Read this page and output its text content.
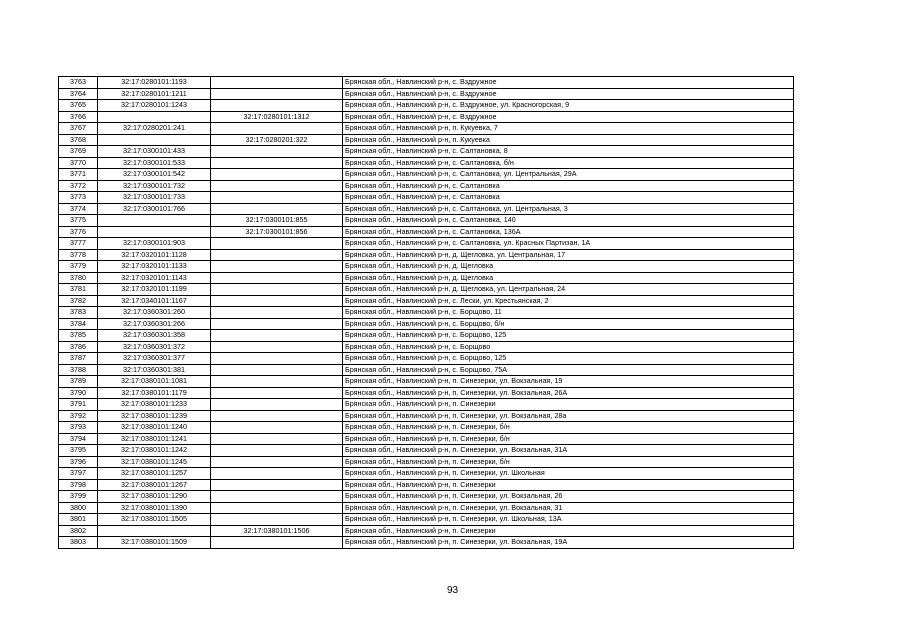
3763	32:17:0280101:1193		Брянская обл., Навлинский р-н, с. Вздружное
3764	32:17:0280101:1211		Брянская обл., Навлинский р-н, с. Вздружное
3765	32:17:0280101:1243		Брянская обл., Навлинский р-н, с. Вздружное, ул. Красногорская, 9
3766		32:17:0280101:1312	Брянская обл., Навлинский р-н, с. Вздружное
3767	32:17:0280201:241		Брянская обл., Навлинский р-н, п. Кукуевка, 7
3768		32:17:0280201:322	Брянская обл., Навлинский р-н, п. Кукуевка
3769	32:17:0300101:433		Брянская обл., Навлинский р-н, с. Салтановка, 8
3770	32:17:0300101:533		Брянская обл., Навлинский р-н, с. Салтановка, б/н
3771	32:17:0300101:542		Брянская обл., Навлинский р-н, с. Салтановка, ул. Центральная, 29А
3772	32:17:0300101:732		Брянская обл., Навлинский р-н, с. Салтановка
3773	32:17:0300101:733		Брянская обл., Навлинский р-н, с. Салтановка
3774	32:17:0300101:766		Брянская обл., Навлинский р-н, с. Салтановка, ул. Центральная, 3
3775		32:17:0300101:855	Брянская обл., Навлинский р-н, с. Салтановка, 140
3776		32:17:0300101:856	Брянская обл., Навлинский р-н, с. Салтановка, 136А
3777	32:17:0300101:903		Брянская обл., Навлинский р-н, с. Салтановка, ул. Красных Партизан, 1А
3778	32:17:0320101:1128		Брянская обл., Навлинский р-н, д. Щегловка, ул. Центральная, 17
3779	32:17:0320101:1133		Брянская обл., Навлинский р-н, д. Щегловка
3780	32:17:0320101:1143		Брянская обл., Навлинский р-н, д. Щегловка
3781	32:17:0320101:1199		Брянская обл., Навлинский р-н, д. Щегловка, ул. Центральная, 24
3782	32:17:0340101:1167		Брянская обл., Навлинский р-н, с. Лески, ул. Крестьянская, 2
3783	32:17:0360301:260		Брянская обл., Навлинский р-н, с. Борщово, 11
3784	32:17:0360301:266		Брянская обл., Навлинский р-н, с. Борщово, б/н
3785	32:17:0360301:358		Брянская обл., Навлинский р-н, с. Борщово, 125
3786	32:17:0360301:372		Брянская обл., Навлинский р-н, с. Борщово
3787	32:17:0360301:377		Брянская обл., Навлинский р-н, с. Борщово, 125
3788	32:17:0360301:381		Брянская обл., Навлинский р-н, с. Борщово, 75А
3789	32:17:0380101:1081		Брянская обл., Навлинский р-н, п. Синезерки, ул. Вокзальная, 19
3790	32:17:0380101:1179		Брянская обл., Навлинский р-н, п. Синезерки, ул. Вокзальная, 26А
3791	32:17:0380101:1233		Брянская обл., Навлинский р-н, п. Синезерки
3792	32:17:0380101:1239		Брянская обл., Навлинский р-н, п. Синезерки, ул. Вокзальная, 28а
3793	32:17:0380101:1240		Брянская обл., Навлинский р-н, п. Синезерки, б/н
3794	32:17:0380101:1241		Брянская обл., Навлинский р-н, п. Синезерки, б/н
3795	32:17:0380101:1242		Брянская обл., Навлинский р-н, п. Синезерки, ул. Вокзальная, 31А
3796	32:17:0380101:1245		Брянская обл., Навлинский р-н, п. Синезерки, б/н
3797	32:17:0380101:1257		Брянская обл., Навлинский р-н, п. Синезерки, ул. Школьная
3798	32:17:0380101:1267		Брянская обл., Навлинский р-н, п. Синезерки
3799	32:17:0380101:1290		Брянская обл., Навлинский р-н, п. Синезерки, ул. Вокзальная, 26
3800	32:17:0380101:1390		Брянская обл., Навлинский р-н, п. Синезерки, ул. Вокзальная, 31
3801	32:17:0380101:1505		Брянская обл., Навлинский р-н, п. Синезерки, ул. Школьная, 13А
3802		32:17:0380101:1506	Брянская обл., Навлинский р-н, п. Синезерки
3803	32:17:0380101:1509		Брянская обл., Навлинский р-н, п. Синезерки, ул. Вокзальная, 19А
93
